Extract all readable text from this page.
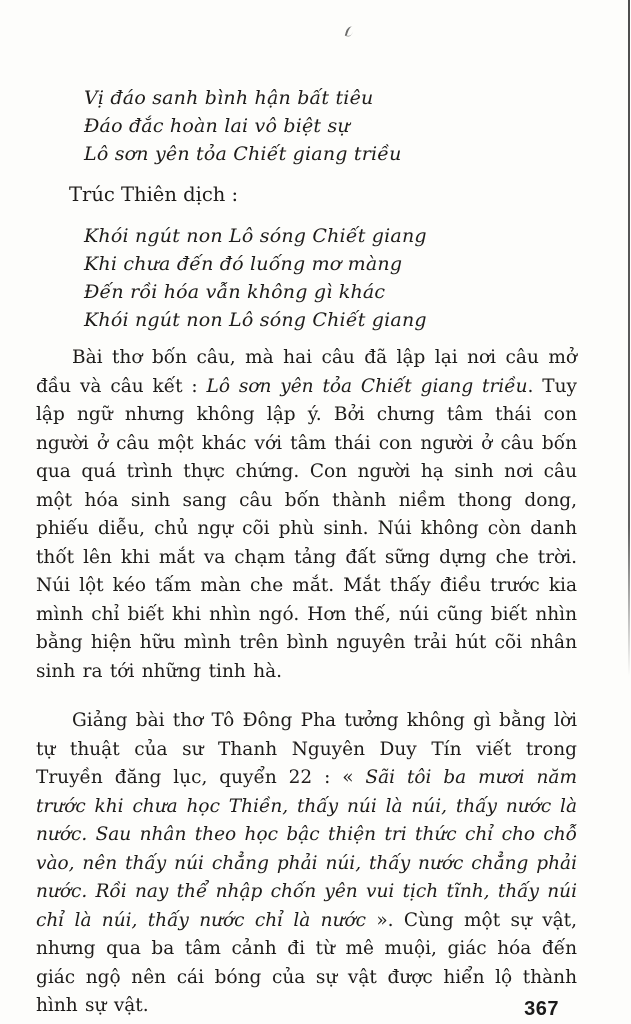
Vị đáo sanh bình hận bất tiêu

Đáo đắc hoàn lai vô biệt sự

Lô sơn yên tỏa Chiết giang triều

Trúc Thiên dịch :

Khói ngút non Lô sóng Chiết giang

Khi chưa đến đó luống mơ màng

Đến rồi hóa vẫn không gì khác

Khói ngút non Lô sóng Chiết giang

Bài thơ bốn câu, mà hai câu đã lập lại nơi câu mở đầu và câu kết : Lô sơn yên tỏa Chiết giang triều. Tuy lập ngữ nhưng không lập ý. Bởi chưng tâm thái con người ở câu một khác với tâm thái con người ở câu bốn qua quá trình thực chứng. Con người hạ sinh nơi câu một hóa sinh sang câu bốn thành niềm thong dong, phiếu diễu, chủ ngự cõi phù sinh. Núi không còn danh thốt lên khi mắt va chạm tảng đất sững dựng che trời. Núi lột kéo tấm màn che mắt. Mắt thấy điều trước kia mình chỉ biết khi nhìn ngó. Hơn thế, núi cũng biết nhìn bằng hiện hữu mình trên bình nguyên trải hút cõi nhân sinh ra tới những tinh hà.

Giảng bài thơ Tô Đông Pha tưởng không gì bằng lời tự thuật của sư Thanh Nguyên Duy Tín viết trong Truyền đăng lục, quyển 22 : « Sãi tôi ba mươi năm trước khi chưa học Thiền, thấy núi là núi, thấy nước là nước. Sau nhân theo học bậc thiện tri thức chỉ cho chỗ vào, nên thấy núi chẳng phải núi, thấy nước chẳng phải nước. Rồi nay thể nhập chốn yên vui tịch tĩnh, thấy núi chỉ là núi, thấy nước chỉ là nước ». Cùng một sự vật, nhưng qua ba tâm cảnh đi từ mê muội, giác hóa đến giác ngộ nên cái bóng của sự vật được hiển lộ thành hình sự vật.	367
